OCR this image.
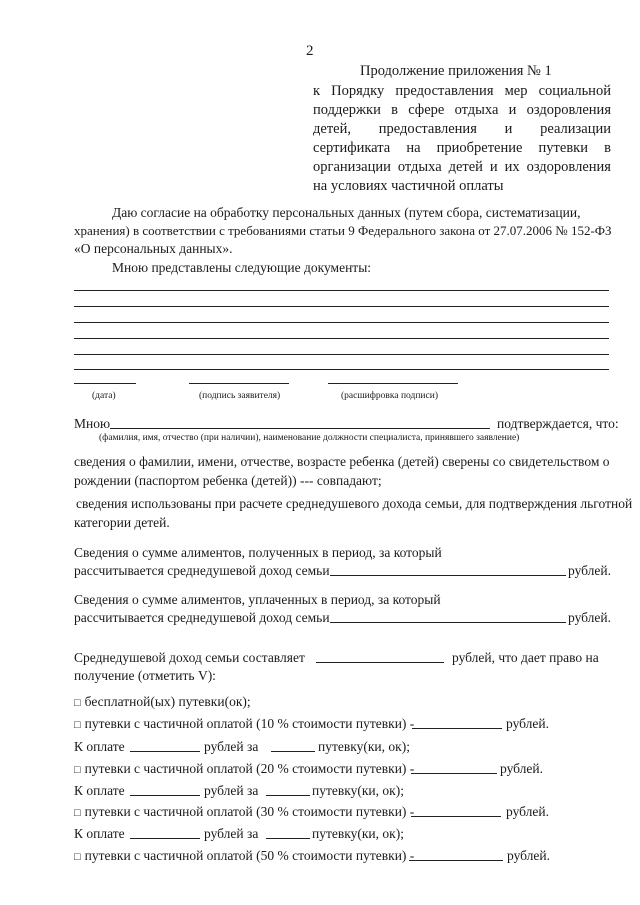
2
Продолжение приложения № 1
к Порядку предоставления мер социальной
поддержки в сфере отдыха и оздоровления
детей, предоставления и реализации
сертификата на приобретение путевки в
организации отдыха детей и их оздоровления
на условиях частичной оплаты
Даю согласие на обработку персональных данных (путем сбора, систематизации,
хранения) в соответствии с требованиями статьи 9 Федерального закона от 27.07.2006 № 152-ФЗ
«О персональных данных».
Мною представлены следующие документы:
(дата)	(подпись заявителя)	(расшифровка подписи)
Мною	подтверждается, что:
(фамилия, имя, отчество (при наличии), наименование должности специалиста, принявшего заявление)
сведения о фамилии, имени, отчестве, возрасте ребенка (детей) сверены со свидетельством о
рождении (паспортом ребенка (детей)) --- совпадают;
сведения использованы при расчете среднедушевого дохода семьи, для подтверждения льготной
категории детей.
Сведения о сумме алиментов, полученных в период, за который
рассчитывается среднедушевой доход семьи	рублей.
Сведения о сумме алиментов, уплаченных в период, за который
рассчитывается среднедушевой доход семьи	рублей.
Среднедушевой доход семьи составляет	рублей, что дает право на
получение (отметить V):
□ бесплатной(ых) путевки(ок);
□ путевки с частичной оплатой (10 % стоимости путевки) -	рублей.
К оплате	рублей за	путевку(ки, ок);
□ путевки с частичной оплатой (20 % стоимости путевки) -	рублей.
К оплате	рублей за	путевку(ки, ок);
□ путевки с частичной оплатой (30 % стоимости путевки) -	рублей.
К оплате	рублей за	путевку(ки, ок);
□ путевки с частичной оплатой (50 % стоимости путевки) -	рублей.
